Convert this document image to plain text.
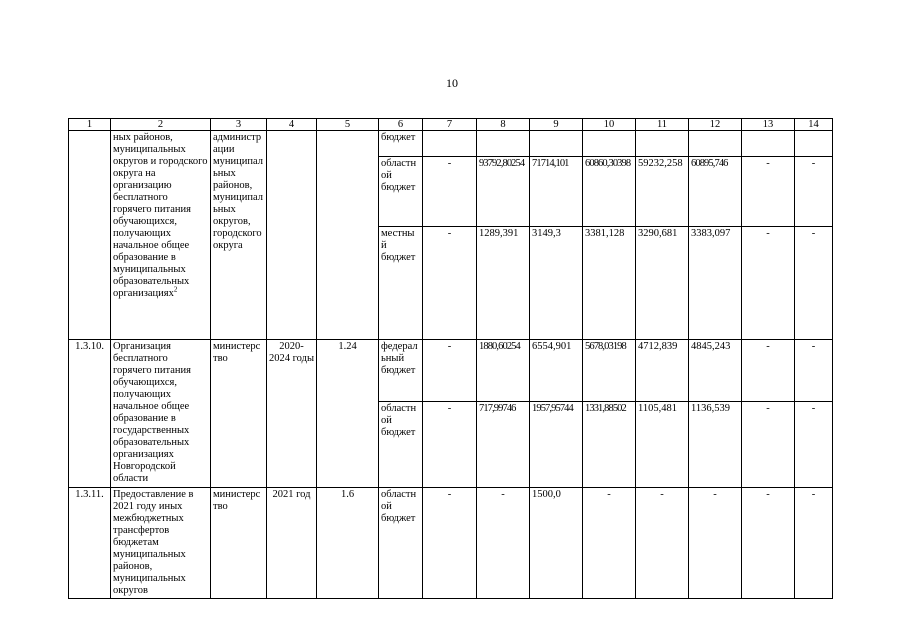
10
1	2	3	4	5	6	7	8	9	10	11	12	13	14
	ных районов, муниципальных округов и городского округа на организацию бесплатного горячего питания обучающихся, получающих начальное общее образование в муниципальных образовательных организациях$^2$	администрации муниципальных районов, муниципальных округов, городского округа			бюджет								
					областной бюджет	-	93792,80254	71714,101	60860,30398	59232,258	60895,746	-	-
					местный бюджет	-	1289,391	3149,3	3381,128	3290,681	3383,097	-	-
1.3.10.	Организация бесплатного горячего питания обучающихся, получающих начальное общее образование в государственных образовательных организациях Новгородской области	министерство	2020-2024 годы	1.24	федеральный бюджет	-	1880,60254	6554,901	5678,03198	4712,839	4845,243	-	-
					областной бюджет	-	717,99746	1957,95744	1331,88502	1105,481	1136,539	-	-
1.3.11.	Предоставление в 2021 году иных межбюджетных трансфертов бюджетам муниципальных районов, муниципальных округов	министерство	2021 год	1.6	областной бюджет	-	-	1500,0	-	-	-	-	-
